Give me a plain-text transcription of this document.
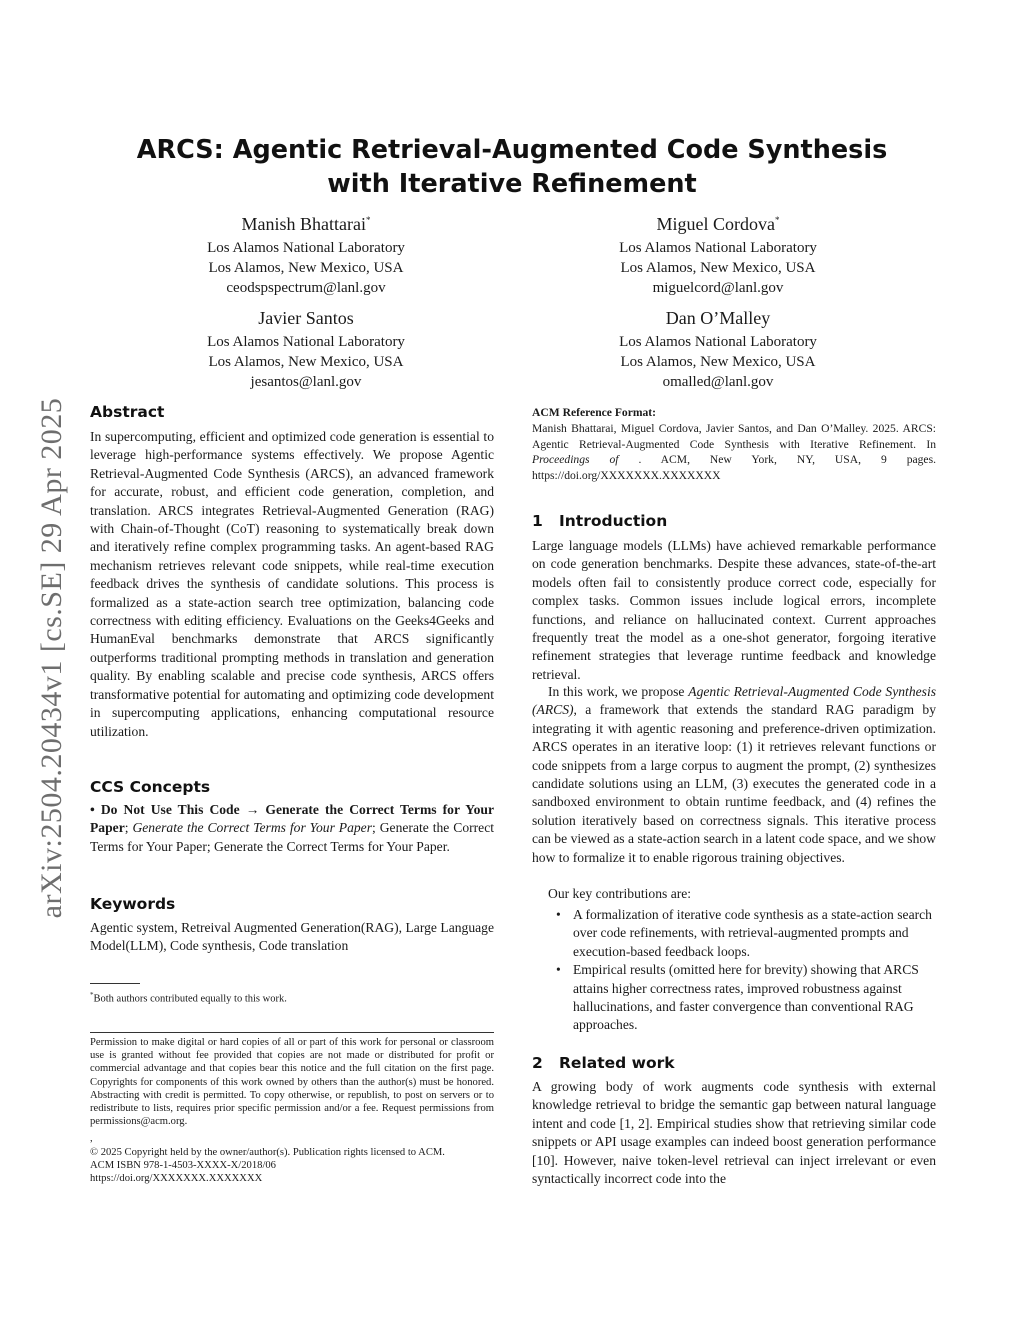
arXiv:2504.20434v1 [cs.SE] 29 Apr 2025
ARCS: Agentic Retrieval-Augmented Code Synthesis with Iterative Refinement
Manish Bhattarai*
Los Alamos National Laboratory
Los Alamos, New Mexico, USA
ceodspspectrum@lanl.gov
Miguel Cordova*
Los Alamos National Laboratory
Los Alamos, New Mexico, USA
miguelcord@lanl.gov
Javier Santos
Los Alamos National Laboratory
Los Alamos, New Mexico, USA
jesantos@lanl.gov
Dan O’Malley
Los Alamos National Laboratory
Los Alamos, New Mexico, USA
omalled@lanl.gov
Abstract

In supercomputing, efficient and optimized code generation is essential to leverage high-performance systems effectively. We propose Agentic Retrieval-Augmented Code Synthesis (ARCS), an advanced framework for accurate, robust, and efficient code generation, completion, and translation. ARCS integrates Retrieval-Augmented Generation (RAG) with Chain-of-Thought (CoT) reasoning to systematically break down and iteratively refine complex programming tasks. An agent-based RAG mechanism retrieves relevant code snippets, while real-time execution feedback drives the synthesis of candidate solutions. This process is formalized as a state-action search tree optimization, balancing code correctness with editing efficiency. Evaluations on the Geeks4Geeks and HumanEval benchmarks demonstrate that ARCS significantly outperforms traditional prompting methods in translation and generation quality. By enabling scalable and precise code synthesis, ARCS offers transformative potential for automating and optimizing code development in supercomputing applications, enhancing computational resource utilization.

CCS Concepts

• Do Not Use This Code → Generate the Correct Terms for Your Paper; Generate the Correct Terms for Your Paper; Generate the Correct Terms for Your Paper; Generate the Correct Terms for Your Paper.

Keywords

Agentic system, Retreival Augmented Generation(RAG), Large Language Model(LLM), Code synthesis, Code translation

*Both authors contributed equally to this work.

Permission to make digital or hard copies of all or part of this work for personal or classroom use is granted without fee provided that copies are not made or distributed for profit or commercial advantage and that copies bear this notice and the full citation on the first page. Copyrights for components of this work owned by others than the author(s) must be honored. Abstracting with credit is permitted. To copy otherwise, or republish, to post on servers or to redistribute to lists, requires prior specific permission and/or a fee. Request permissions from permissions@acm.org.

,
© 2025 Copyright held by the owner/author(s). Publication rights licensed to ACM.
ACM ISBN 978-1-4503-XXXX-X/2018/06
https://doi.org/XXXXXXX.XXXXXXX
ACM Reference Format:

Manish Bhattarai, Miguel Cordova, Javier Santos, and Dan O’Malley. 2025. ARCS: Agentic Retrieval-Augmented Code Synthesis with Iterative Refinement. In Proceedings of . ACM, New York, NY, USA, 9 pages. https://doi.org/XXXXXXX.XXXXXXX

1 Introduction

Large language models (LLMs) have achieved remarkable performance on code generation benchmarks. Despite these advances, state-of-the-art models often fail to consistently produce correct code, especially for complex tasks. Common issues include logical errors, incomplete functions, and reliance on hallucinated context. Current approaches frequently treat the model as a one-shot generator, forgoing iterative refinement strategies that leverage runtime feedback and knowledge retrieval.

In this work, we propose Agentic Retrieval-Augmented Code Synthesis (ARCS), a framework that extends the standard RAG paradigm by integrating it with agentic reasoning and preference-driven optimization. ARCS operates in an iterative loop: (1) it retrieves relevant functions or code snippets from a large corpus to augment the prompt, (2) synthesizes candidate solutions using an LLM, (3) executes the generated code in a sandboxed environment to obtain runtime feedback, and (4) refines the solution iteratively based on correctness signals. This iterative process can be viewed as a state-action search in a latent code space, and we show how to formalize it to enable rigorous training objectives.

Our key contributions are:

• A formalization of iterative code synthesis as a state-action search over code refinements, with retrieval-augmented prompts and execution-based feedback loops.
• Empirical results (omitted here for brevity) showing that ARCS attains higher correctness rates, improved robustness against hallucinations, and faster convergence than conventional RAG approaches.
2 Related work

A growing body of work augments code synthesis with external knowledge retrieval to bridge the semantic gap between natural language intent and code [1, 2]. Empirical studies show that retrieving similar code snippets or API usage examples can indeed boost generation performance [10]. However, naive token-level retrieval can inject irrelevant or even syntactically incorrect code into the
